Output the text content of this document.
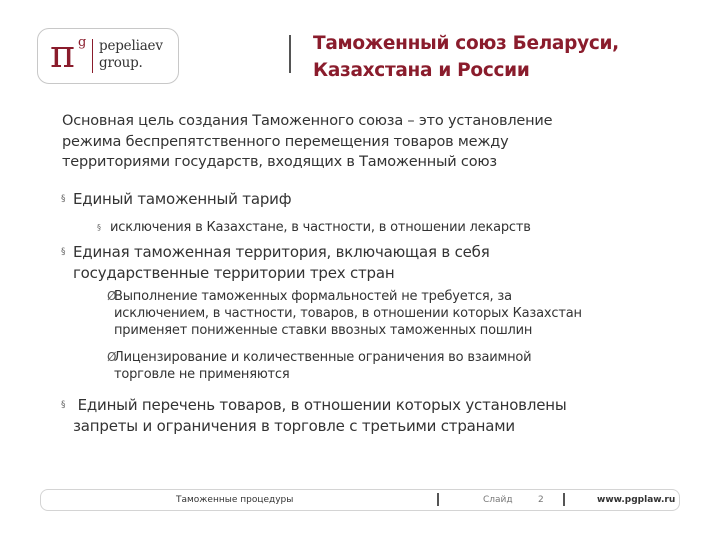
π g pepeliaev
group.
Таможенный союз Беларуси,
Казахстана и России
Основная цель создания Таможенного союза – это установление
режима беспрепятственного перемещения товаров между
территориями государств, входящих в Таможенный союз
§ Единый таможенный тариф
§ исключения в Казахстане, в частности, в отношении лекарств
§ Единая таможенная территория, включающая в себя
государственные территории трех стран
Ø
Выполнение таможенных формальностей не требуется, за
исключением, в частности, товаров, в отношении которых Казахстан
применяет пониженные ставки ввозных таможенных пошлин
Ø
Лицензирование и количественные ограничения во взаимной
торговле не применяются
§ Единый перечень товаров, в отношении которых установлены
запреты и ограничения в торговле с третьими странами
Таможенные процедуры	Слайд	2	www.pgplaw.ru
